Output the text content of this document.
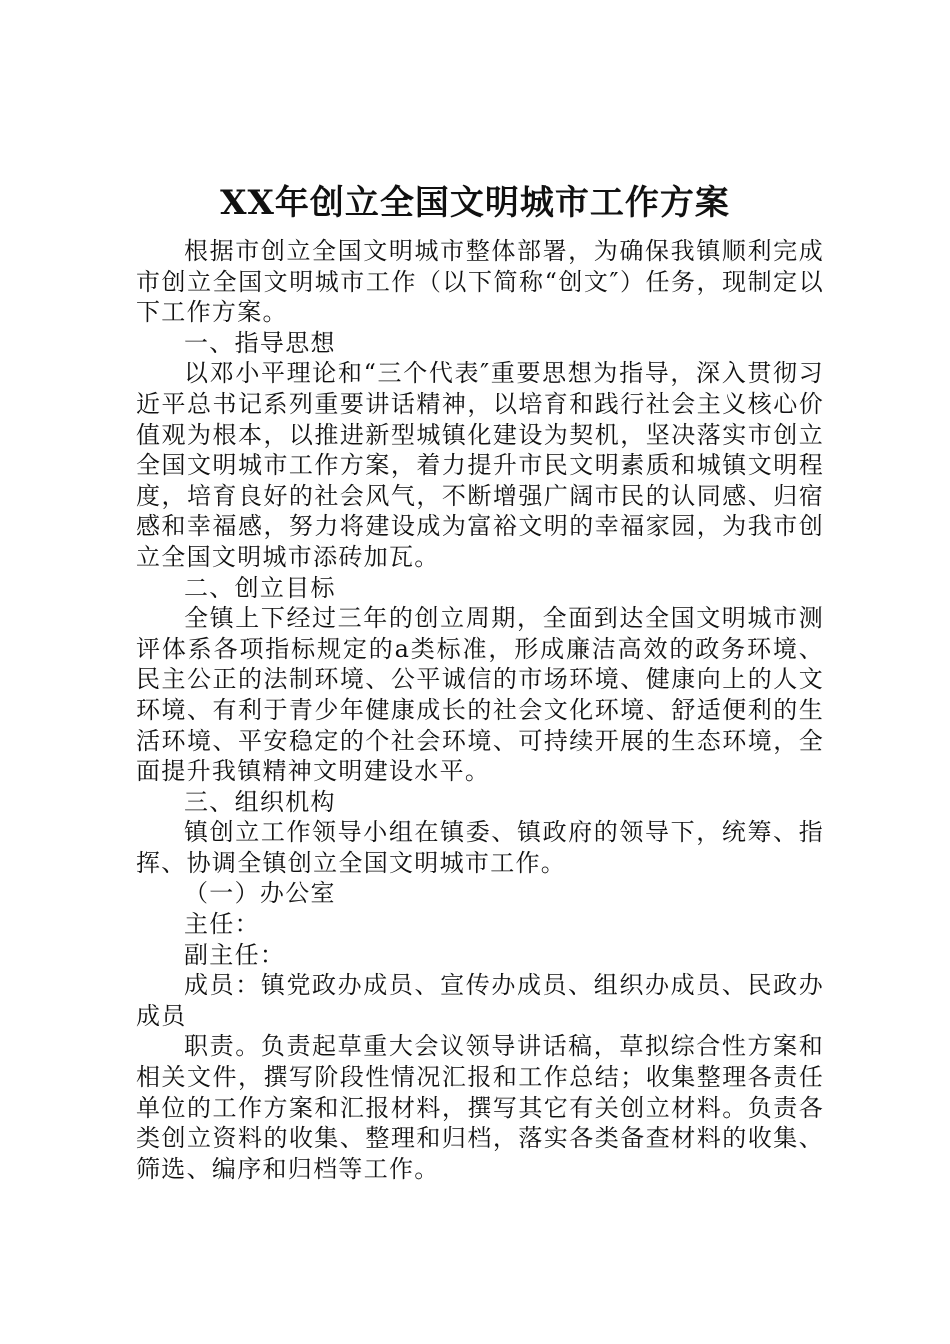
XX年创立全国文明城市工作方案

根据市创立全国文明城市整体部署，为确保我镇顺利完成市创立全国文明城市工作（以下简称“创文″）任务，现制定以下工作方案。

一、指导思想

以邓小平理论和“三个代表″重要思想为指导，深入贯彻习近平总书记系列重要讲话精神，以培育和践行社会主义核心价值观为根本，以推进新型城镇化建设为契机，坚决落实市创立全国文明城市工作方案，着力提升市民文明素质和城镇文明程度，培育良好的社会风气，不断增强广阔市民的认同感、归宿感和幸福感，努力将建设成为富裕文明的幸福家园，为我市创立全国文明城市添砖加瓦。

二、创立目标

全镇上下经过三年的创立周期，全面到达全国文明城市测评体系各项指标规定的a类标准，形成廉洁高效的政务环境、民主公正的法制环境、公平诚信的市场环境、健康向上的人文环境、有利于青少年健康成长的社会文化环境、舒适便利的生活环境、平安稳定的个社会环境、可持续开展的生态环境，全面提升我镇精神文明建设水平。

三、组织机构

镇创立工作领导小组在镇委、镇政府的领导下，统筹、指挥、协调全镇创立全国文明城市工作。

（一）办公室

主任：

副主任：

成员：镇党政办成员、宣传办成员、组织办成员、民政办成员

职责。负责起草重大会议领导讲话稿，草拟综合性方案和相关文件，撰写阶段性情况汇报和工作总结；收集整理各责任单位的工作方案和汇报材料，撰写其它有关创立材料。负责各类创立资料的收集、整理和归档，落实各类备查材料的收集、筛选、编序和归档等工作。
